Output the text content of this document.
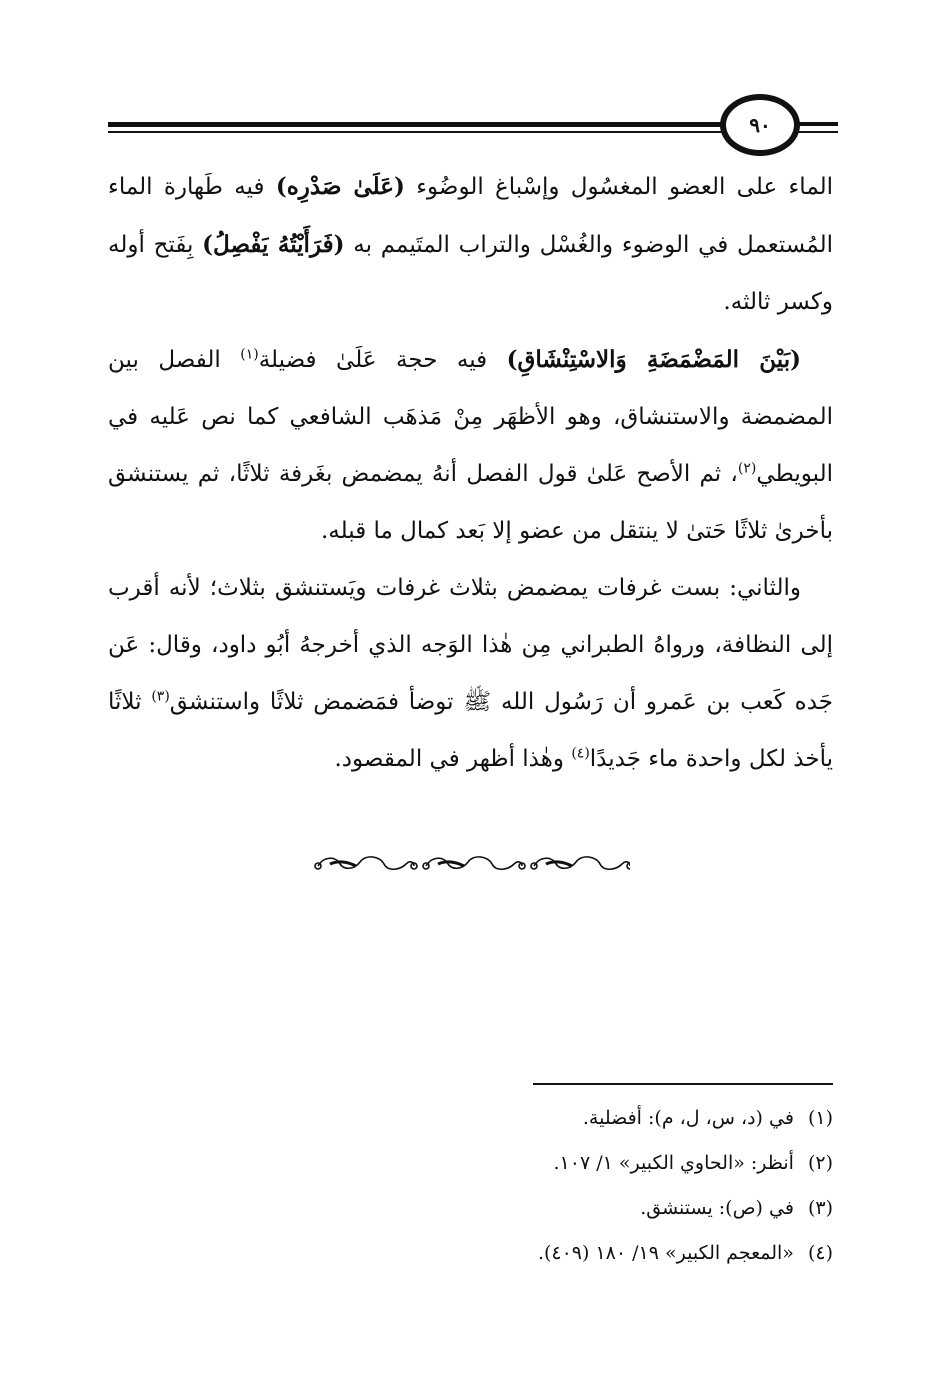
٩٠

الماء على العضو المغسُول وإسْباغ الوضُوء (عَلَىٰ صَدْرِه) فيه طَهارة الماء المُستعمل في الوضوء والغُسْل والتراب المتَيمم به (فَرَأَيْتُهُ يَفْصِلُ) بِفَتح أوله وكسر ثالثه.

(بَيْنَ المَضْمَضَةِ وَالاسْتِنْشَاقِ) فيه حجة عَلَىٰ فضيلة$^{(١)}$ الفصل بين المضمضة والاستنشاق، وهو الأظهَر مِنْ مَذهَب الشافعي كما نص عَليه في البويطي$^{(٢)}$، ثم الأصح عَلىٰ قول الفصل أنهُ يمضمض بغَرفة ثلاثًا، ثم يستنشق بأخرىٰ ثلاثًا حَتىٰ لا ينتقل من عضو إلا بَعد كمال ما قبله.

والثاني: بست غرفات يمضمض بثلاث غرفات ويَستنشق بثلاث؛ لأنه أقرب إلى النظافة، ورواهُ الطبراني مِن هٰذا الوَجه الذي أخرجهُ أبُو داود، وقال: عَن جَده كَعب بن عَمرو أن رَسُول الله ﷺ توضأ فمَضمض ثلاثًا واستنشق$^{(٣)}$ ثلاثًا يأخذ لكل واحدة ماء جَديدًا$^{(٤)}$ وهٰذا أظهر في المقصود.

(١)
في (د، س، ل، م): أفضلية.
(٢)
أنظر: «الحاوي الكبير» ١/ ١٠٧.
(٣)
في (ص): يستنشق.
(٤)
«المعجم الكبير» ١٩/ ١٨٠ (٤٠٩).
